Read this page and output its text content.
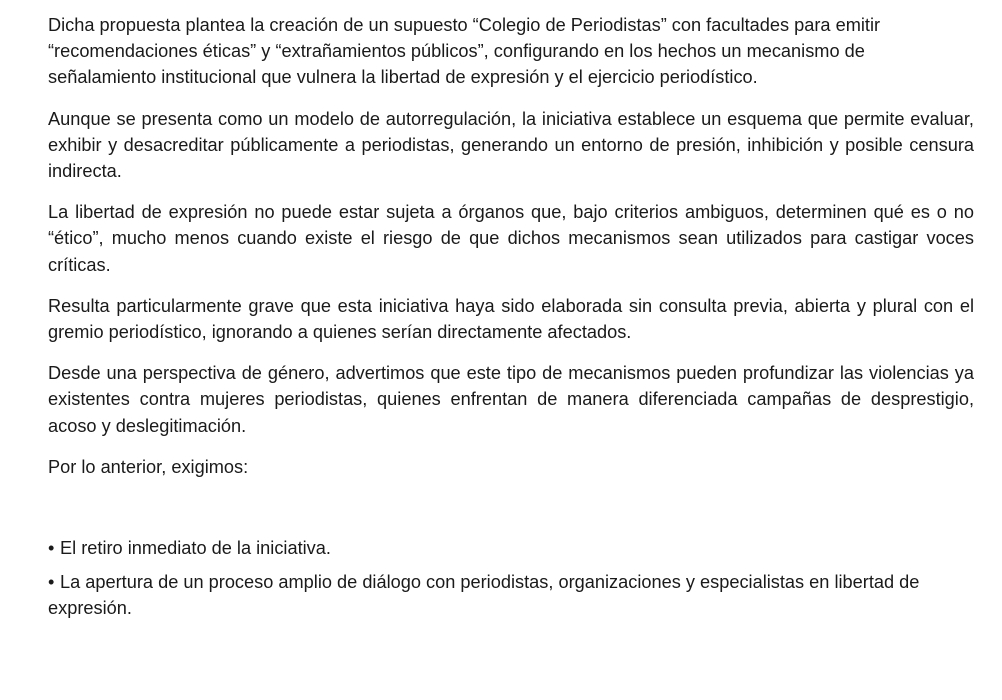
Dicha propuesta plantea la creación de un supuesto “Colegio de Periodistas” con facultades para emitir “recomendaciones éticas” y “extrañamientos públicos”, configurando en los hechos un mecanismo de señalamiento institucional que vulnera la libertad de expresión y el ejercicio periodístico.

Aunque se presenta como un modelo de autorregulación, la iniciativa establece un esquema que permite evaluar, exhibir y desacreditar públicamente a periodistas, generando un entorno de presión, inhibición y posible censura indirecta.

La libertad de expresión no puede estar sujeta a órganos que, bajo criterios ambiguos, determinen qué es o no “ético”, mucho menos cuando existe el riesgo de que dichos mecanismos sean utilizados para castigar voces críticas.

Resulta particularmente grave que esta iniciativa haya sido elaborada sin consulta previa, abierta y plural con el gremio periodístico, ignorando a quienes serían directamente afectados.

Desde una perspectiva de género, advertimos que este tipo de mecanismos pueden profundizar las violencias ya existentes contra mujeres periodistas, quienes enfrentan de manera diferenciada campañas de desprestigio, acoso y deslegitimación.

Por lo anterior, exigimos:

• El retiro inmediato de la iniciativa.
• La apertura de un proceso amplio de diálogo con periodistas, organizaciones y especialistas en libertad de expresión.
